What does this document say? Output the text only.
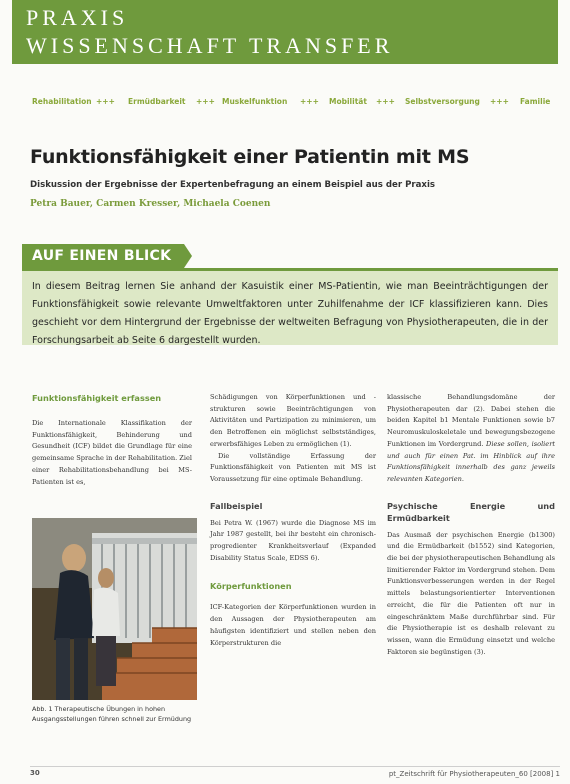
PRAXIS
WISSENSCHAFT TRANSFER
Rehabilitation +++ Ermüdbarkeit +++ Muskelfunktion +++ Mobilität +++ Selbstversorgung +++ Familie
Funktionsfähigkeit einer Patientin mit MS
Diskussion der Ergebnisse der Expertenbefragung an einem Beispiel aus der Praxis
Petra Bauer, Carmen Kresser, Michaela Coenen
AUF EINEN BLICK

In diesem Beitrag lernen Sie anhand der Kasuistik einer MS-Patientin, wie man Beeinträchtigungen der Funktionsfähigkeit sowie relevante Umweltfaktoren unter Zuhilfenahme der ICF klassifizieren kann. Dies geschieht vor dem Hintergrund der Ergebnisse der weltweiten Befragung von Physiotherapeuten, die in der Forschungsarbeit ab Seite 6 dargestellt wurden.

Funktionsfähigkeit erfassen

Die Internationale Klassifikation der Funktionsfähigkeit, Behinderung und Gesundheit (ICF) bildet die Grundlage für eine gemeinsame Sprache in der Rehabilitation. Ziel einer Rehabilitationsbehandlung bei MS-Patienten ist es,

Abb. 1 Therapeutische Übungen in hohen Ausgangsstellungen führen schnell zur Ermüdung

Schädigungen von Körperfunktionen und -strukturen sowie Beeinträchtigungen von Aktivitäten und Partizipation zu minimieren, um den Betroffenen ein möglichst selbstständiges, erwerbsfähiges Leben zu ermöglichen (1).

Die vollständige Erfassung der Funktionsfähigkeit von Patienten mit MS ist Voraussetzung für eine optimale Behandlung.

Fallbeispiel

Bei Petra W. (1967) wurde die Diagnose MS im Jahr 1987 gestellt, bei ihr besteht ein chronisch-progredienter Krankheitsverlauf (Expanded Disability Status Scale, EDSS 6).

Körperfunktionen

ICF-Kategorien der Körperfunktionen wurden in den Aussagen der Physiotherapeuten am häufigsten identifiziert und stellen neben den Körperstrukturen die

klassische Behandlungsdomäne der Physiotherapeuten dar (2). Dabei stehen die beiden Kapitel b1 Mentale Funktionen sowie b7 Neuromuskuloskeletale und bewegungsbezogene Funktionen im Vordergrund. Diese sollen, isoliert und auch für einen Pat. im Hinblick auf ihre Funktionsfähigkeit innerhalb des ganz jeweils relevanten Kategorien.

Psychische Energie und Ermüdbarkeit

Das Ausmaß der psychischen Energie (b1300) und die Ermüdbarkeit (b1552) sind Kategorien, die bei der physiotherapeutischen Behandlung als limitierender Faktor im Vordergrund stehen. Dem Funktionsverbesserungen werden in der Regel mittels belastungsorientierter Interventionen erreicht, die für die Patienten oft nur in eingeschränktem Maße durchführbar sind. Für die Physiotherapie ist es deshalb relevant zu wissen, wann die Ermüdung einsetzt und welche Faktoren sie begünstigen (3).

30	pt_Zeitschrift für Physiotherapeuten_60 [2008] 1
